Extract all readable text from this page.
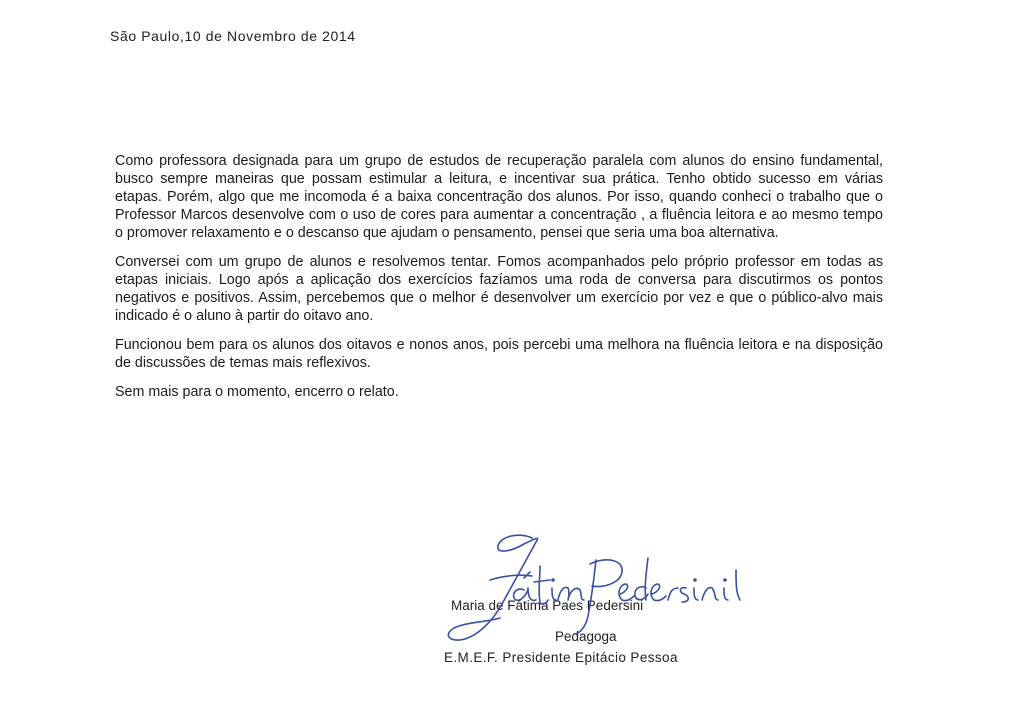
São Paulo,10 de Novembro de 2014

Como professora designada para um grupo de estudos de recuperação paralela com alunos do ensino fundamental, busco sempre maneiras que possam estimular a leitura, e incentivar sua prática. Tenho obtido sucesso em várias etapas. Porém, algo que me incomoda é a baixa concentração dos alunos. Por isso, quando conheci o trabalho que o Professor Marcos desenvolve com o uso de cores para aumentar a concentração , a fluência leitora e ao mesmo tempo o promover relaxamento e o descanso que ajudam o pensamento, pensei que seria uma boa alternativa.

Conversei com um grupo de alunos e resolvemos tentar. Fomos acompanhados pelo próprio professor em todas as etapas iniciais. Logo após a aplicação dos exercícios fazíamos uma roda de conversa para discutirmos os pontos negativos e positivos. Assim, percebemos que o melhor é desenvolver um exercício por vez e que o público-alvo mais indicado é o aluno à partir do oitavo ano.

Funcionou bem para os alunos dos oitavos e nonos anos, pois percebi uma melhora na fluência leitora e na disposição de discussões de temas mais reflexivos.

Sem mais para o momento, encerro o relato.

Maria de Fátima Paes Pedersini
Pedagoga
E.M.E.F. Presidente Epitácio Pessoa
